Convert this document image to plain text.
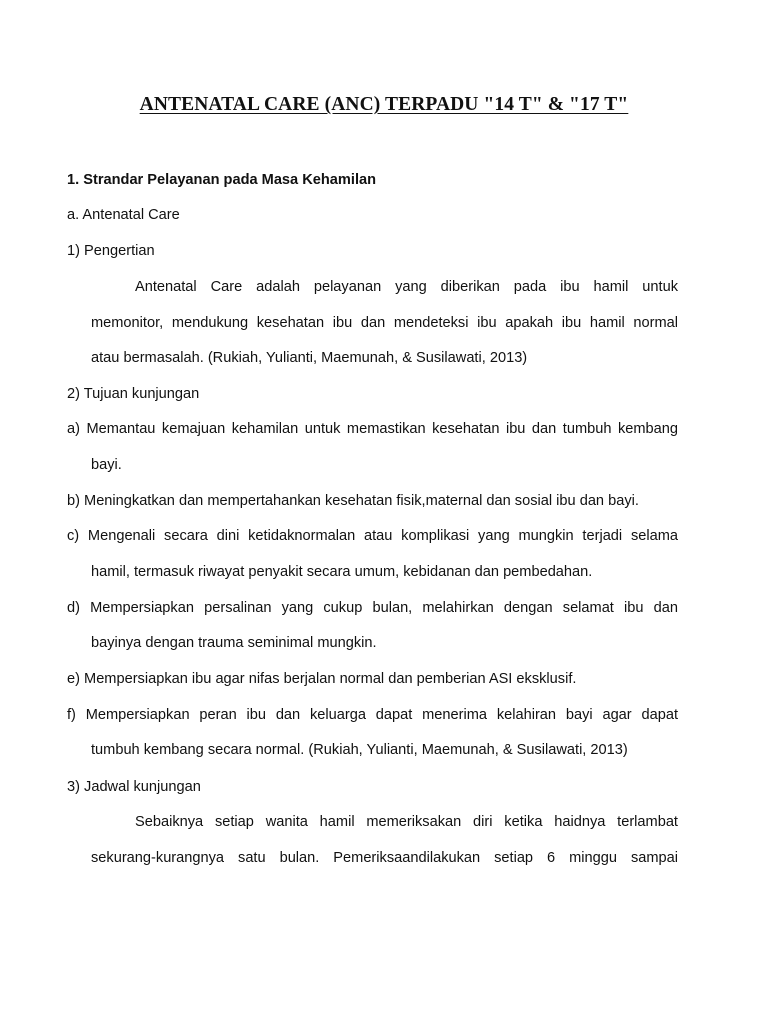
ANTENATAL CARE (ANC) TERPADU "14 T" & "17 T"
1. Strandar Pelayanan pada Masa Kehamilan
a. Antenatal Care
1) Pengertian
Antenatal Care adalah pelayanan yang diberikan pada ibu hamil untuk
memonitor, mendukung kesehatan ibu dan mendeteksi ibu apakah ibu hamil normal
atau bermasalah. (Rukiah, Yulianti, Maemunah, & Susilawati, 2013)
2) Tujuan kunjungan
a) Memantau kemajuan kehamilan untuk memastikan kesehatan ibu dan tumbuh kembang
bayi.
b) Meningkatkan dan mempertahankan kesehatan fisik,maternal dan sosial ibu dan bayi.
c) Mengenali secara dini ketidaknormalan atau komplikasi yang mungkin terjadi selama
hamil, termasuk riwayat penyakit secara umum, kebidanan dan pembedahan.
d) Mempersiapkan persalinan yang cukup bulan, melahirkan dengan selamat ibu dan
bayinya dengan trauma seminimal mungkin.
e) Mempersiapkan ibu agar nifas berjalan normal dan pemberian ASI eksklusif.
f) Mempersiapkan peran ibu dan keluarga dapat menerima kelahiran bayi agar dapat
tumbuh kembang secara normal. (Rukiah, Yulianti, Maemunah, & Susilawati, 2013)
3) Jadwal kunjungan
Sebaiknya setiap wanita hamil memeriksakan diri ketika haidnya terlambat
sekurang-kurangnya satu bulan. Pemeriksaandilakukan setiap 6 minggu sampai
